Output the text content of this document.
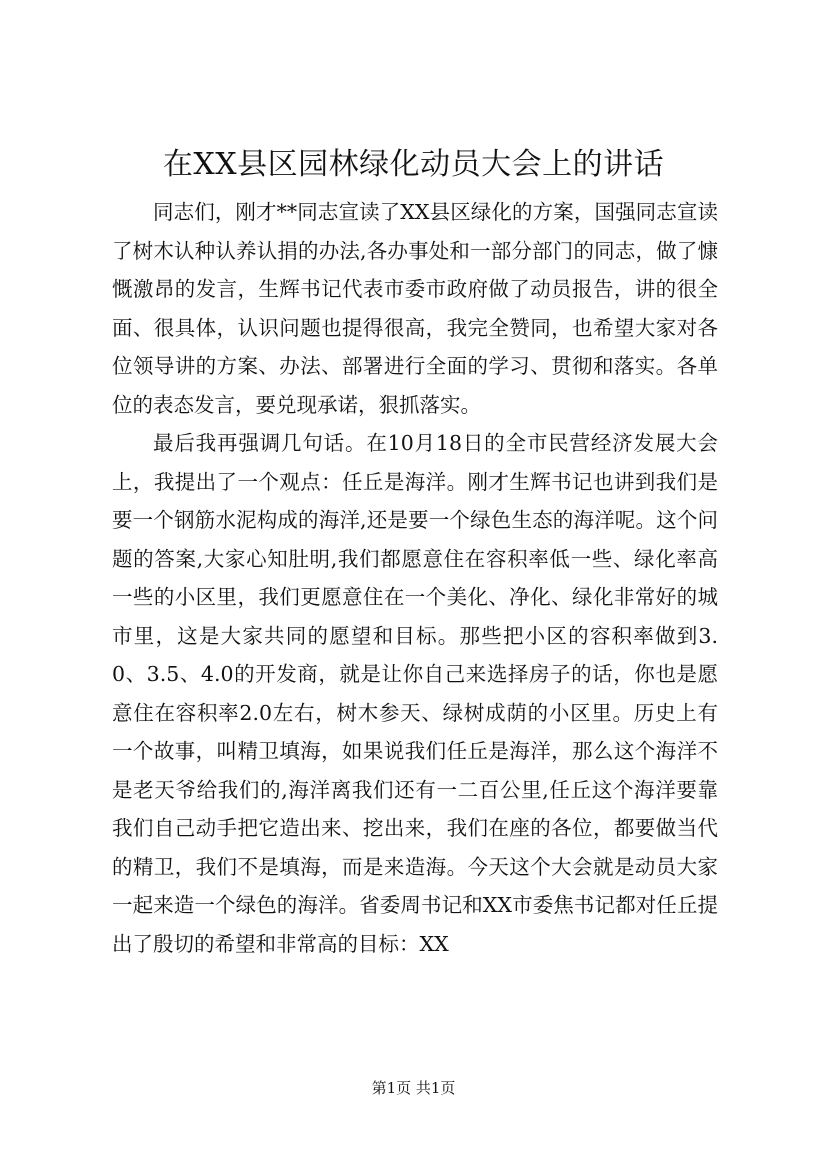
在XX县区园林绿化动员大会上的讲话

同志们，刚才**同志宣读了XX县区绿化的方案，国强同志宣读了树木认种认养认捐的办法,各办事处和一部分部门的同志，做了慷慨激昂的发言，生辉书记代表市委市政府做了动员报告，讲的很全面、很具体，认识问题也提得很高，我完全赞同，也希望大家对各位领导讲的方案、办法、部署进行全面的学习、贯彻和落实。各单位的表态发言，要兑现承诺，狠抓落实。

最后我再强调几句话。在10月18日的全市民营经济发展大会上，我提出了一个观点：任丘是海洋。刚才生辉书记也讲到我们是要一个钢筋水泥构成的海洋,还是要一个绿色生态的海洋呢。这个问题的答案,大家心知肚明,我们都愿意住在容积率低一些、绿化率高一些的小区里，我们更愿意住在一个美化、净化、绿化非常好的城市里，这是大家共同的愿望和目标。那些把小区的容积率做到3.0、3.5、4.0的开发商，就是让你自己来选择房子的话，你也是愿意住在容积率2.0左右，树木参天、绿树成荫的小区里。历史上有一个故事，叫精卫填海，如果说我们任丘是海洋，那么这个海洋不是老天爷给我们的,海洋离我们还有一二百公里,任丘这个海洋要靠我们自己动手把它造出来、挖出来，我们在座的各位，都要做当代的精卫，我们不是填海，而是来造海。今天这个大会就是动员大家一起来造一个绿色的海洋。省委周书记和XX市委焦书记都对任丘提出了殷切的希望和非常高的目标：XX

第1页 共1页
